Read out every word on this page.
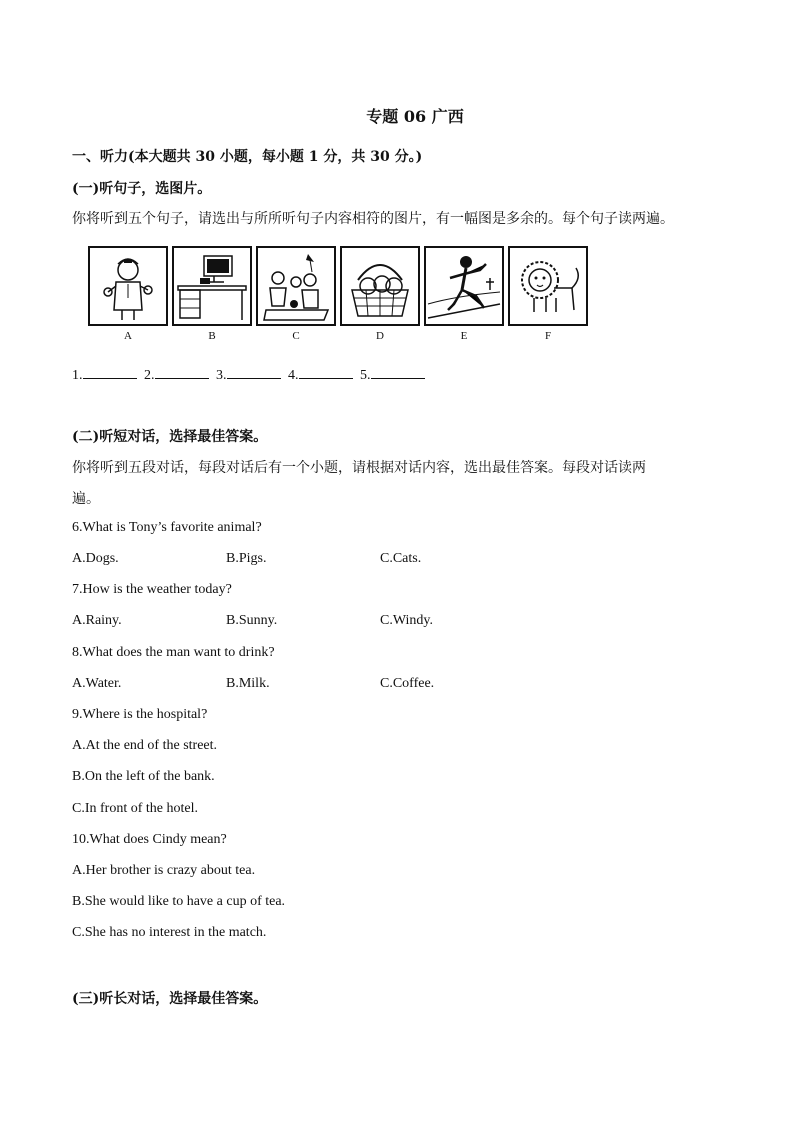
专题 06 广西
一、听力(本大题共 30 小题，每小题 1 分，共 30 分。)
(一)听句子，选图片。
你将听到五个句子，请选出与所所听句子内容相符的图片，有一幅图是多余的。每个句子读两遍。
A	B	C	D	E	F
1.	2.	3.	4.	5.
(二)听短对话，选择最佳答案。
你将听到五段对话，每段对话后有一个小题，请根据对话内容，选出最佳答案。每段对话读两
遍。
6.What is Tony’s favorite animal?
A.Dogs.	B.Pigs.	C.Cats.
7.How is the weather today?
A.Rainy.	B.Sunny.	C.Windy.
8.What does the man want to drink?
A.Water.	B.Milk.	C.Coffee.
9.Where is the hospital?
A.At the end of the street.
B.On the left of the bank.
C.In front of the hotel.
10.What does Cindy mean?
A.Her brother is crazy about tea.
B.She would like to have a cup of tea.
C.She has no interest in the match.
(三)听长对话，选择最佳答案。
